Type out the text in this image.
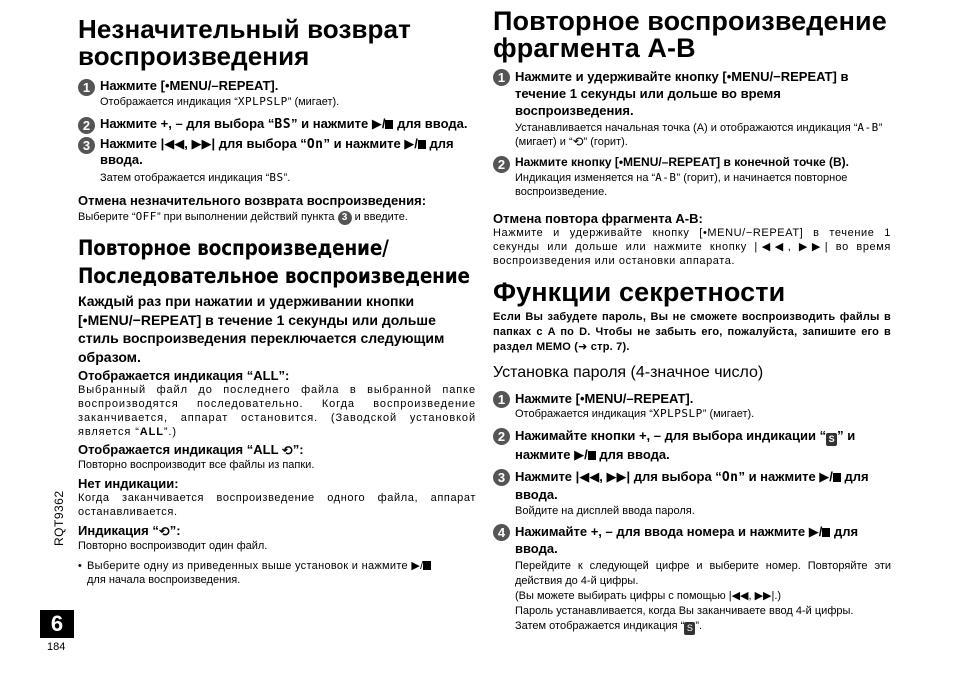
RQT9362
6
184
Незначительный возврат
воспроизведения
1 Нажмите [•MENU/–REPEAT].
Отображается индикация “XPLPSLP” (мигает).
2 Нажмите +, – для выбора “BS” и нажмите ▶/ для ввода.
3 Нажмите |◀◀, ▶▶| для выбора “On” и нажмите ▶/ для ввода.
Затем отображается индикация “BS”.
Отмена незначительного возврата воспроизведения:
Выберите “OFF” при выполнении действий пункта 3 и введите.
Повторное воспроизведение/
Последовательное воспроизведение
Каждый раз при нажатии и удерживании кнопки [•MENU/−REPEAT] в течение 1 секунды или дольше стиль воспроизведения переключается следующим образом.
Отображается индикация “ALL”:
Выбранный файл до последнего файла в выбранной папке воспроизводятся последовательно. Когда воспроизведение заканчивается, аппарат остановится. (Заводской установкой является “ALL”.)
Отображается индикация “ALL ⟲”:
Повторно воспроизводит все файлы из папки.
Нет индикации:
Когда заканчивается воспроизведение одного файла, аппарат останавливается.
Индикация “⟲”:
Повторно воспроизводит один файл.
• Выберите одну из приведенных выше установок и нажмите ▶/
для начала воспроизведения.
Повторное воспроизведение
фрагмента A-B
1 Нажмите и удерживайте кнопку [•MENU/−REPEAT] в течение 1 секунды или дольше во время воспроизведения.
Устанавливается начальная точка (A) и отображаются индикация “A-B” (мигает) и “⟲” (горит).
2 Нажмите кнопку [•MENU/–REPEAT] в конечной точке (B).
Индикация изменяется на “A-B” (горит), и начинается повторное воспроизведение.
Отмена повтора фрагмента A-B:
Нажмите и удерживайте кнопку [•MENU/−REPEAT] в течение 1 секунды или дольше или нажмите кнопку |◀◀, ▶▶| во время воспроизведения или остановки аппарата.
Функции секретности
Если Вы забудете пароль, Вы не сможете воспроизводить файлы в папках с A по D. Чтобы не забыть его, пожалуйста, запишите его в раздел MEMO (➜ стр. 7).
Установка пароля (4-значное число)
1 Нажмите [•MENU/–REPEAT].
Отображается индикация “XPLPSLP” (мигает).
2 Нажимайте кнопки +, – для выбора индикации “ S ” и нажмите ▶/ для ввода.
3 Нажмите |◀◀, ▶▶| для выбора “On” и нажмите ▶/ для ввода.
Войдите на дисплей ввода пароля.
4 Нажимайте +, – для ввода номера и нажмите ▶/ для ввода.
Перейдите к следующей цифре и выберите номер. Повторяйте эти действия до 4-й цифры.
(Вы можете выбирать цифры с помощью |◀◀, ▶▶|.)
Пароль устанавливается, когда Вы заканчиваете ввод 4-й цифры.
Затем отображается индикация “ S ”.
